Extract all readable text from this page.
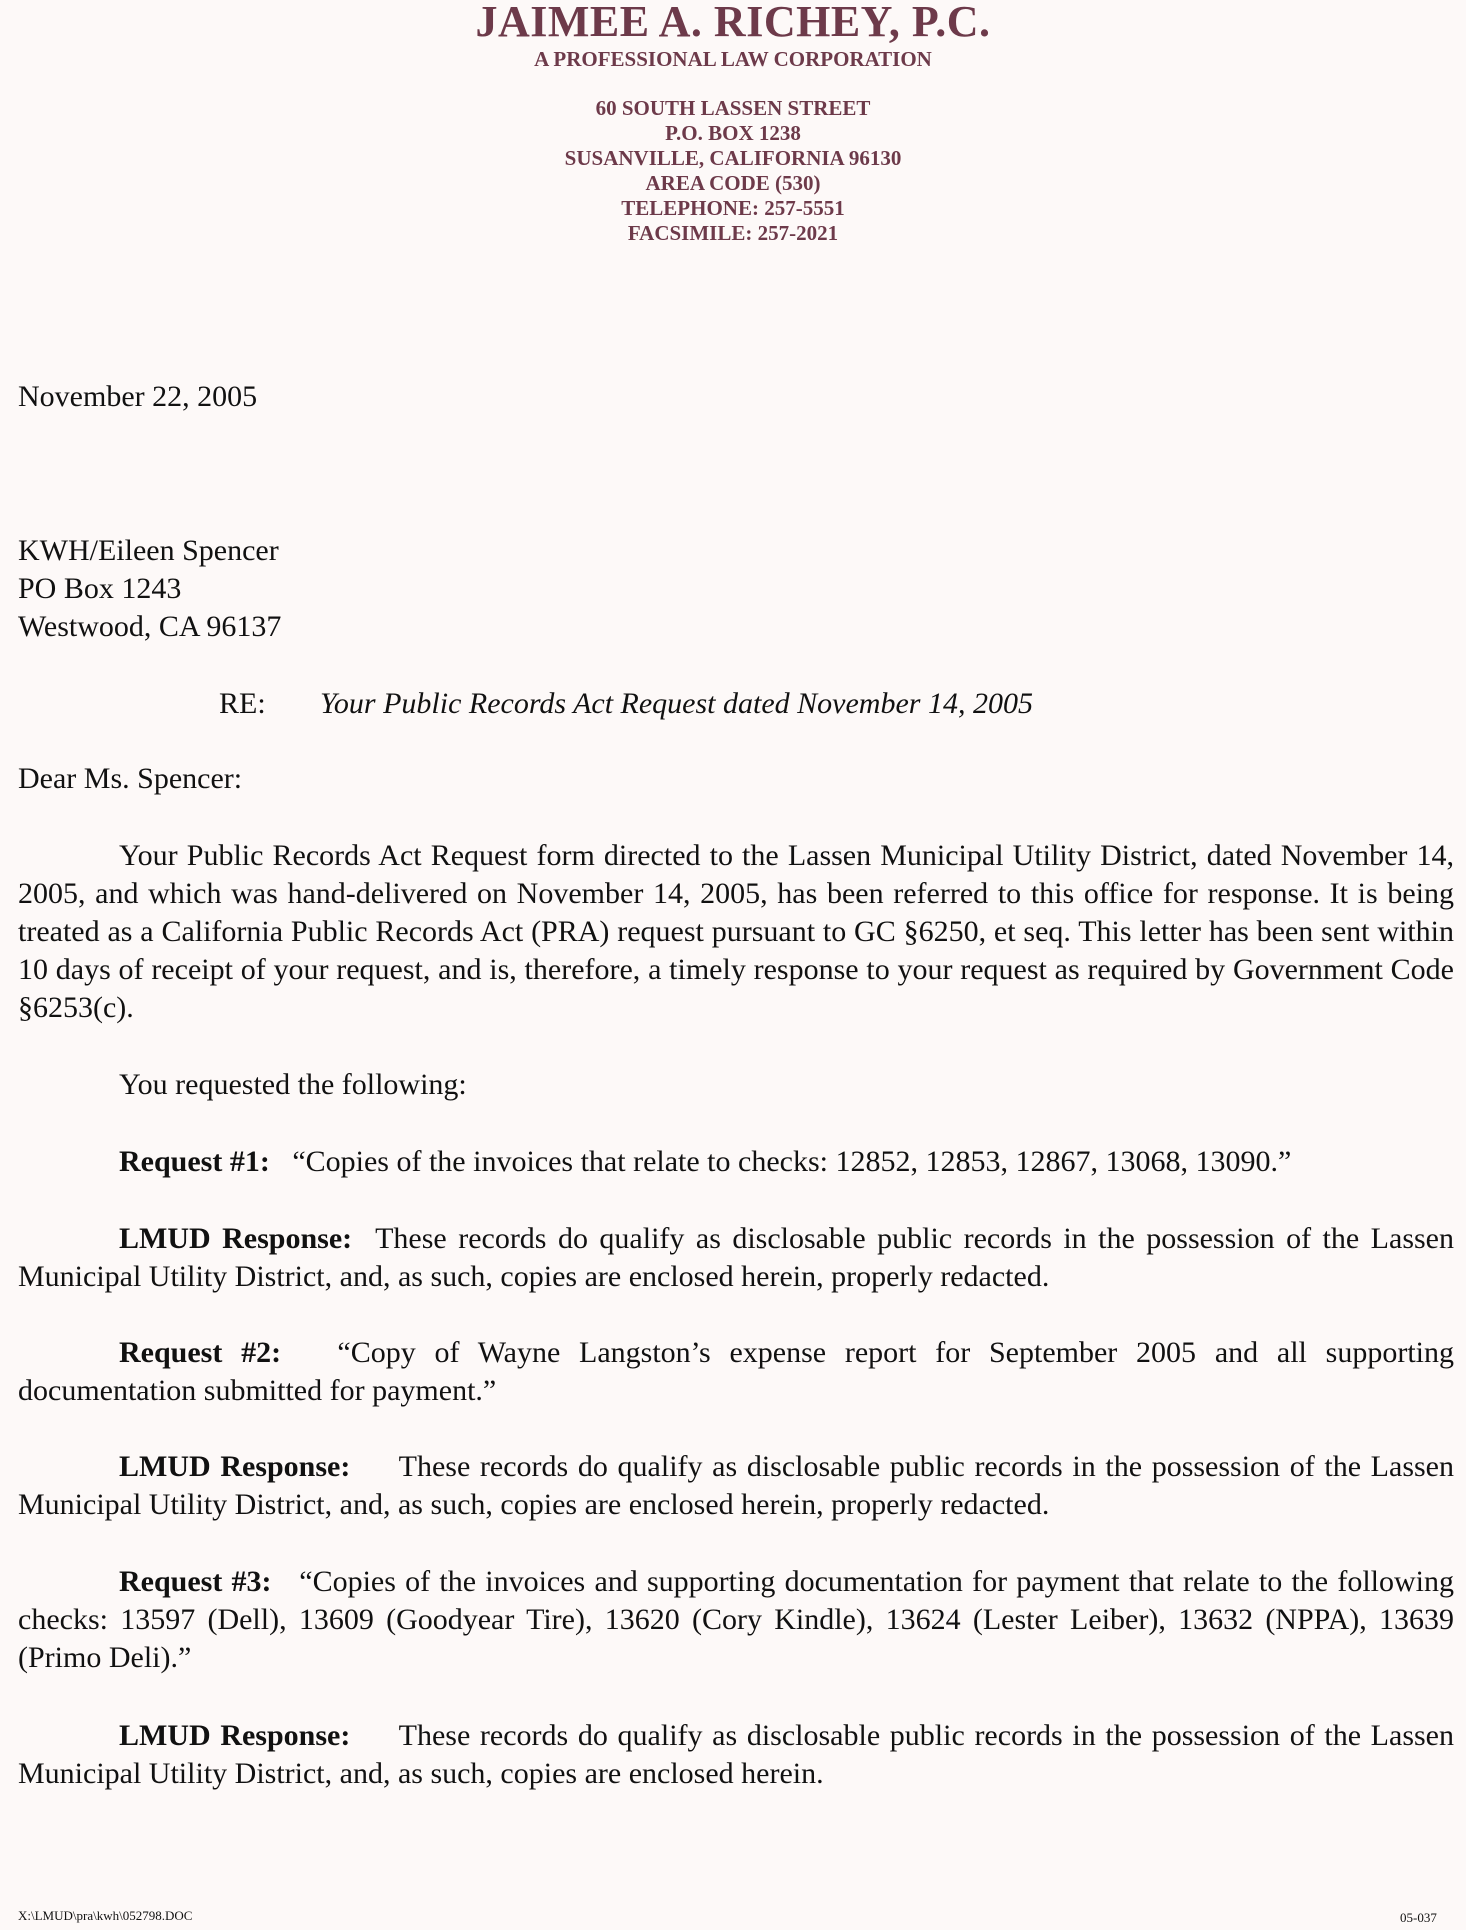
JAIMEE A. RICHEY, P.C.
A PROFESSIONAL LAW CORPORATION
60 SOUTH LASSEN STREET
P.O. BOX 1238
SUSANVILLE, CALIFORNIA 96130
AREA CODE (530)
TELEPHONE: 257-5551
FACSIMILE: 257-2021
November 22, 2005
KWH/Eileen Spencer
PO Box 1243
Westwood, CA 96137
RE: Your Public Records Act Request dated November 14, 2005
Dear Ms. Spencer:
Your Public Records Act Request form directed to the Lassen Municipal Utility District, dated November 14, 2005, and which was hand-delivered on November 14, 2005, has been referred to this office for response. It is being treated as a California Public Records Act (PRA) request pursuant to GC §6250, et seq. This letter has been sent within 10 days of receipt of your request, and is, therefore, a timely response to your request as required by Government Code §6253(c).
You requested the following:
Request #1: “Copies of the invoices that relate to checks: 12852, 12853, 12867, 13068, 13090.”
LMUD Response: These records do qualify as disclosable public records in the possession of the Lassen Municipal Utility District, and, as such, copies are enclosed herein, properly redacted.
Request #2: “Copy of Wayne Langston’s expense report for September 2005 and all supporting documentation submitted for payment.”
LMUD Response: These records do qualify as disclosable public records in the possession of the Lassen Municipal Utility District, and, as such, copies are enclosed herein, properly redacted.
Request #3: “Copies of the invoices and supporting documentation for payment that relate to the following checks: 13597 (Dell), 13609 (Goodyear Tire), 13620 (Cory Kindle), 13624 (Lester Leiber), 13632 (NPPA), 13639 (Primo Deli).”
LMUD Response: These records do qualify as disclosable public records in the possession of the Lassen Municipal Utility District, and, as such, copies are enclosed herein.
X:\LMUD\pra\kwh\052798.DOC	05-037
